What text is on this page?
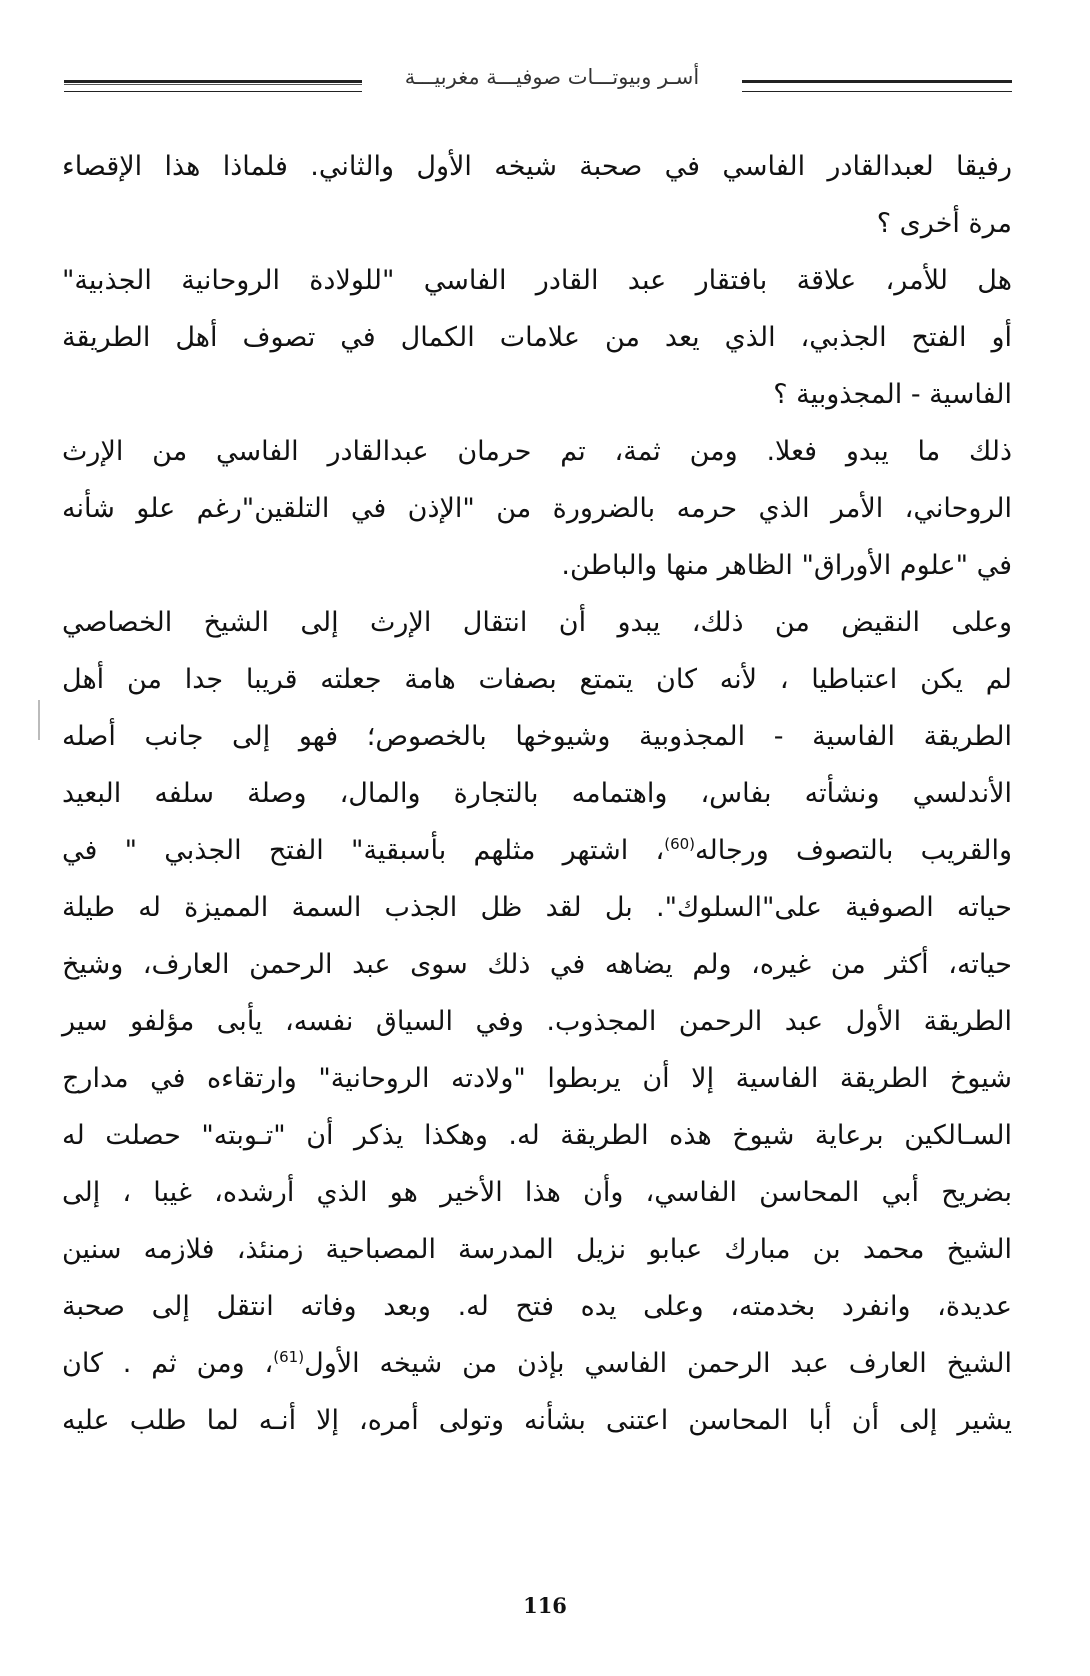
أسـر وبيوتـــات صوفيـــة مغربيـــة
رفيقا لعبدالقادر الفاسي في صحبة شيخه الأول والثاني. فلماذا هذا الإقصاء
مرة أخرى ؟
هل للأمر، علاقة بافتقار عبد القادر الفاسي "للولادة الروحانية الجذبية"
أو الفتح الجذبي، الذي يعد من علامات الكمال في تصوف أهل الطريقة
الفاسية - المجذوبية ؟
ذلك ما يبدو فعلا. ومن ثمة، تم حرمان عبدالقادر الفاسي من الإرث
الروحاني، الأمر الذي حرمه بالضرورة من "الإذن في التلقين"رغم علو شأنه
في "علوم الأوراق" الظاهر منها والباطن.
وعلى النقيض من ذلك، يبدو أن انتقال الإرث إلى الشيخ الخصاصي
لم يكن اعتباطيا ، لأنه كان يتمتع بصفات هامة جعلته قريبا جدا من أهل
الطريقة الفاسية - المجذوبية وشيوخها بالخصوص؛ فهو إلى جانب أصله
الأندلسي ونشأته بفاس، واهتمامه بالتجارة والمال، وصلة سلفه البعيد
والقريب بالتصوف ورجاله$^{(60)}$، اشتهر مثلهم بأسبقية" الفتح الجذبي " في
حياته الصوفية على"السلوك". بل لقد ظل الجذب السمة المميزة له طيلة
حياته، أكثر من غيره، ولم يضاهه في ذلك سوى عبد الرحمن العارف، وشيخ
الطريقة الأول عبد الرحمن المجذوب. وفي السياق نفسه، يأبى مؤلفو سير
شيوخ الطريقة الفاسية إلا أن يربطوا "ولادته الروحانية" وارتقاءه في مدارج
السـالكين برعاية شيوخ هذه الطريقة له. وهكذا يذكر أن "تـوبته" حصلت له
بضريح أبي المحاسن الفاسي، وأن هذا الأخير هو الذي أرشده، غيبا ، إلى
الشيخ محمد بن مبارك عبابو نزيل المدرسة المصباحية زمنئذ، فلازمه سنين
عديدة، وانفرد بخدمته، وعلى يده فتح له. وبعد وفاته انتقل إلى صحبة
الشيخ العارف عبد الرحمن الفاسي بإذن من شيخه الأول$^{(61)}$، ومن ثم . كان
يشير إلى أن أبا المحاسن اعتنى بشأنه وتولى أمره، إلا أنـه لما طلب عليه
116
